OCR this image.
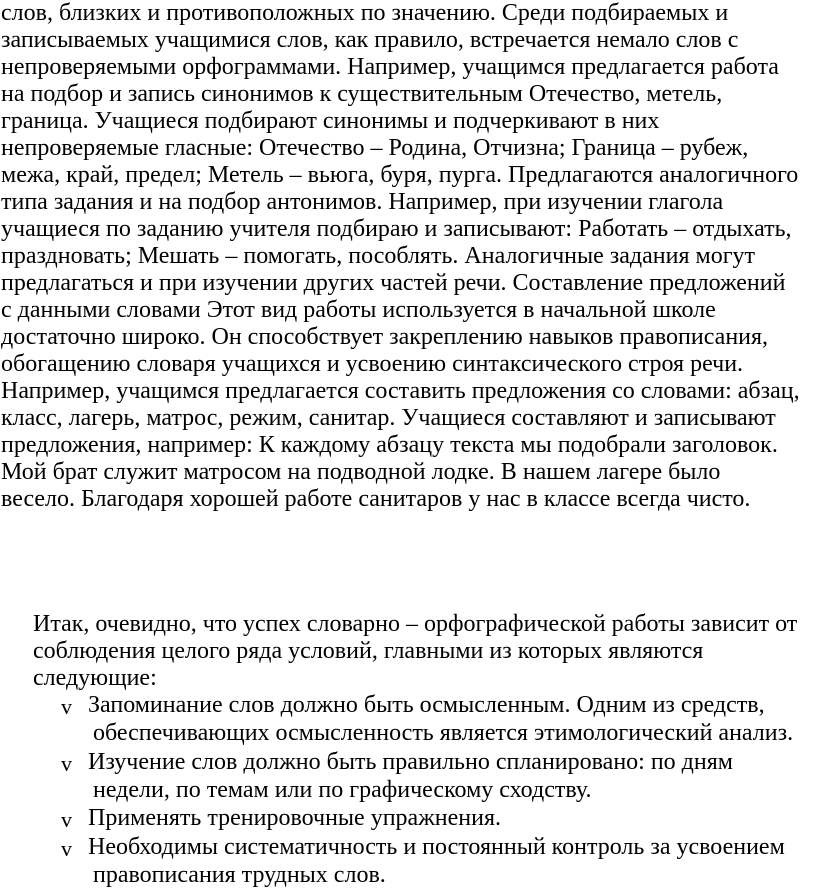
слов, близких и противоположных по значению. Среди подбираемых и
записываемых учащимися слов, как правило, встречается немало слов с
непроверяемыми орфограммами. Например, учащимся предлагается работа
на подбор и запись синонимов к существительным Отечество, метель,
граница. Учащиеся подбирают синонимы и подчеркивают в них
непроверяемые гласные: Отечество – Родина, Отчизна; Граница – рубеж,
межа, край, предел; Метель – вьюга, буря, пурга. Предлагаются аналогичного
типа задания и на подбор антонимов. Например, при изучении глагола
учащиеся по заданию учителя подбираю и записывают: Работать – отдыхать,
праздновать; Мешать – помогать, пособлять. Аналогичные задания могут
предлагаться и при изучении других частей речи. Составление предложений
с данными словами Этот вид работы используется в начальной школе
достаточно широко. Он способствует закреплению навыков правописания,
обогащению словаря учащихся и усвоению синтаксического строя речи.
Например, учащимся предлагается составить предложения со словами: абзац,
класс, лагерь, матрос, режим, санитар. Учащиеся составляют и записывают
предложения, например: К каждому абзацу текста мы подобрали заголовок.
Мой брат служит матросом на подводной лодке. В нашем лагере было
весело. Благодаря хорошей работе санитаров у нас в классе всегда чисто.
Итак, очевидно, что успех словарно – орфографической работы зависит от
соблюдения целого ряда условий, главными из которых являются
следующие:
v Запоминание слов должно быть осмысленным. Одним из средств,
обеспечивающих осмысленность является этимологический анализ.
v Изучение слов должно быть правильно спланировано: по дням
недели, по темам или по графическому сходству.
v Применять тренировочные упражнения.
v Необходимы систематичность и постоянный контроль за усвоением
правописания трудных слов.
